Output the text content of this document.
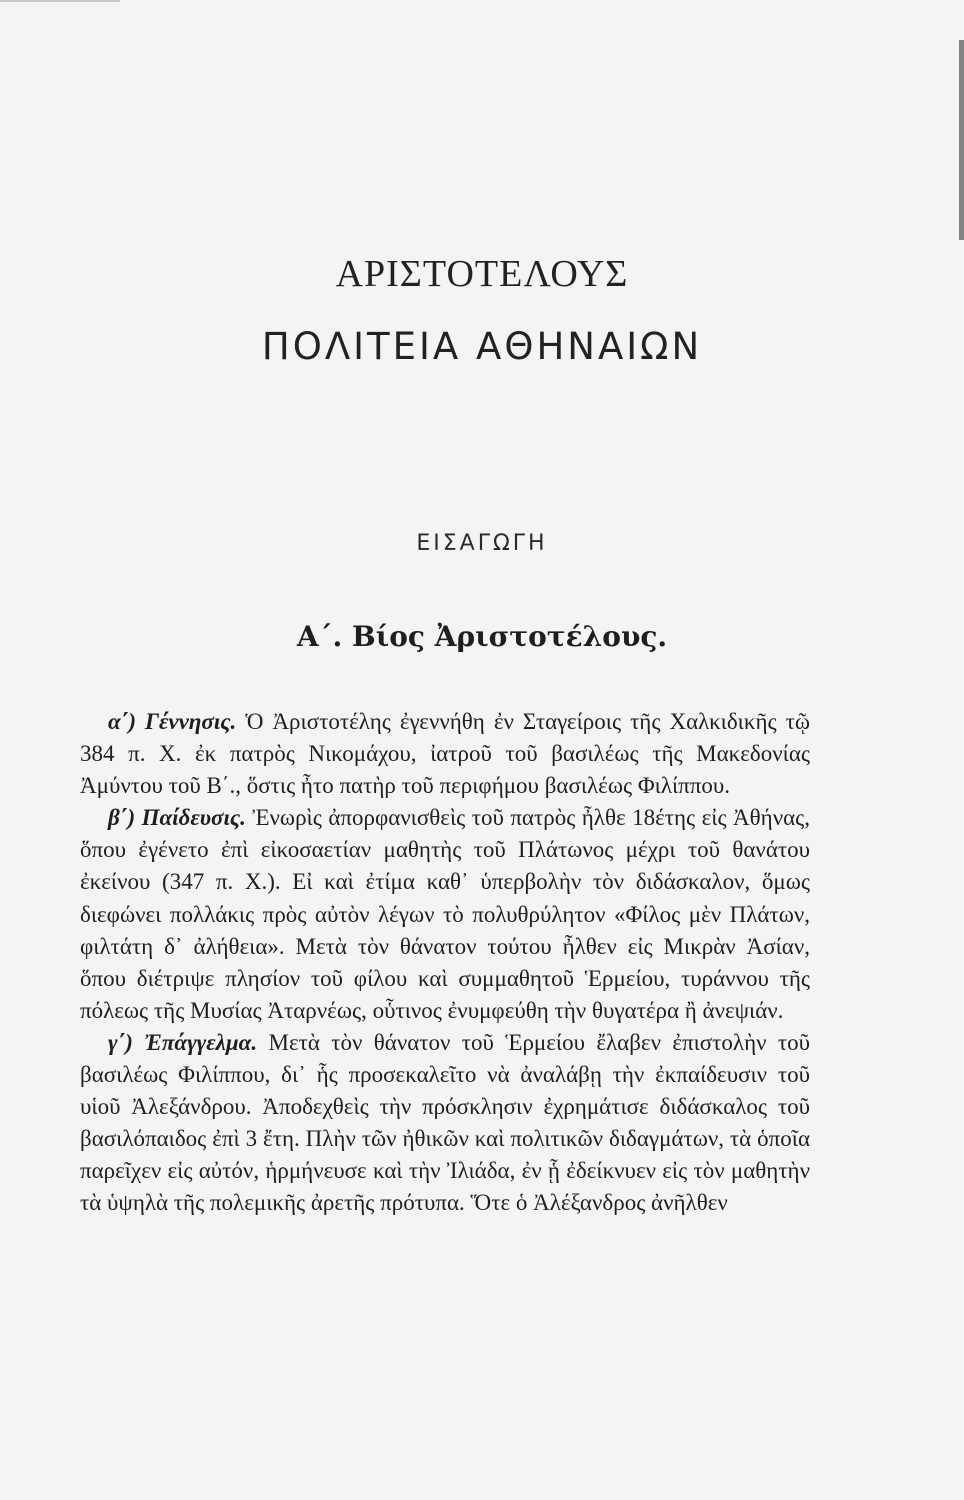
ΑΡΙΣΤΟΤΕΛΟΥΣ
ΠΟΛΙΤΕΙΑ ΑΘΗΝΑΙΩΝ
ΕΙΣΑΓΩΓΗ
Α΄. Βίος Ἀριστοτέλους.

α΄) Γέννησις. Ὁ Ἀριστοτέλης ἐγεννήθη ἐν Σταγείροις τῆς Χαλκιδικῆς τῷ 384 π. Χ. ἐκ πατρὸς Νικομάχου, ἰατροῦ τοῦ βασιλέως τῆς Μακεδονίας Ἀμύντου τοῦ Β΄., ὅστις ἦτο πατὴρ τοῦ περιφήμου βασιλέως Φιλίππου.

β΄) Παίδευσις. Ἐνωρὶς ἀπορφανισθεὶς τοῦ πατρὸς ἦλθε 18έτης εἰς Ἀθήνας, ὅπου ἐγένετο ἐπὶ εἰκοσαετίαν μαθητὴς τοῦ Πλάτωνος μέχρι τοῦ θανάτου ἐκείνου (347 π. Χ.). Εἰ καὶ ἐτίμα καθ᾽ ὑπερβολὴν τὸν διδάσκαλον, ὅμως διεφώνει πολλάκις πρὸς αὐτὸν λέγων τὸ πολυθρύλητον «Φίλος μὲν Πλάτων, φιλτάτη δ᾽ ἀλήθεια». Μετὰ τὸν θάνατον τούτου ἦλθεν εἰς Μικρὰν Ἀσίαν, ὅπου διέτριψε πλησίον τοῦ φίλου καὶ συμμαθητοῦ Ἑρμείου, τυράννου τῆς πόλεως τῆς Μυσίας Ἀταρνέως, οὗτινος ἐνυμφεύθη τὴν θυγατέρα ἢ ἀνεψιάν.

γ΄) Ἐπάγγελμα. Μετὰ τὸν θάνατον τοῦ Ἑρμείου ἔλαβεν ἐπιστολὴν τοῦ βασιλέως Φιλίππου, δι᾽ ἧς προσεκαλεῖτο νὰ ἀναλάβῃ τὴν ἐκπαίδευσιν τοῦ υἱοῦ Ἀλεξάνδρου. Ἀποδεχθεὶς τὴν πρόσκλησιν ἐχρημάτισε διδάσκαλος τοῦ βασιλόπαιδος ἐπὶ 3 ἔτη. Πλὴν τῶν ἠθικῶν καὶ πολιτικῶν διδαγμάτων, τὰ ὁποῖα παρεῖχεν εἰς αὐτόν, ἡρμήνευσε καὶ τὴν Ἰλιάδα, ἐν ᾗ ἐδείκνυεν εἰς τὸν μαθητὴν τὰ ὑψηλὰ τῆς πολεμικῆς ἀρετῆς πρότυπα. Ὅτε ὁ Ἀλέξανδρος ἀνῆλθεν
